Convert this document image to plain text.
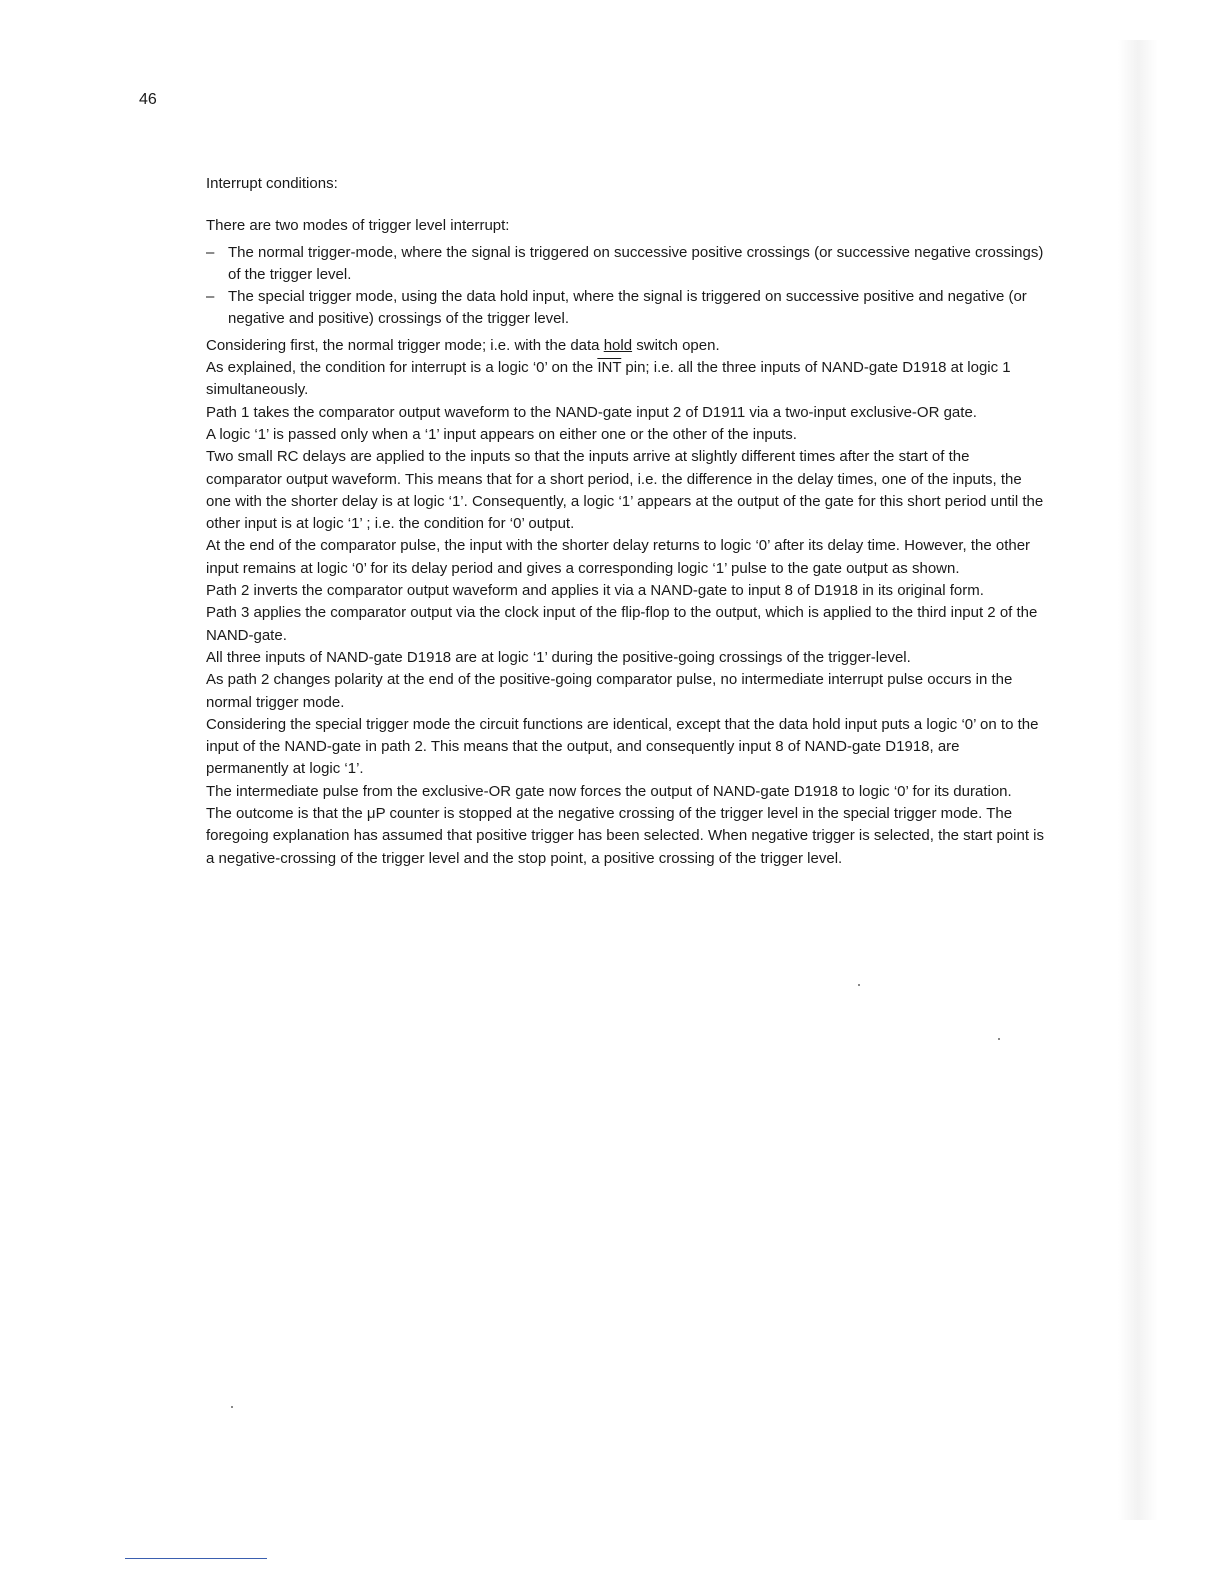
46

Interrupt conditions:

There are two modes of trigger level interrupt:

– The normal trigger-mode, where the signal is triggered on successive positive crossings (or successive negative crossings) of the trigger level.
– The special trigger mode, using the data hold input, where the signal is triggered on successive positive and negative (or negative and positive) crossings of the trigger level.

Considering first, the normal trigger mode; i.e. with the data hold switch open.

As explained, the condition for interrupt is a logic ‘0’ on the $\overline{INT}$ pin; i.e. all the three inputs of NAND-gate D1918 at logic 1 simultaneously.

Path 1 takes the comparator output waveform to the NAND-gate input 2 of D1911 via a two-input exclusive-OR gate.

A logic ‘1’ is passed only when a ‘1’ input appears on either one or the other of the inputs.

Two small RC delays are applied to the inputs so that the inputs arrive at slightly different times after the start of the comparator output waveform. This means that for a short period, i.e. the difference in the delay times, one of the inputs, the one with the shorter delay is at logic ‘1’. Consequently, a logic ‘1’ appears at the output of the gate for this short period until the other input is at logic ‘1’ ; i.e. the condition for ‘0’ output.

At the end of the comparator pulse, the input with the shorter delay returns to logic ‘0’ after its delay time. However, the other input remains at logic ‘0’ for its delay period and gives a corresponding logic ‘1’ pulse to the gate output as shown.

Path 2 inverts the comparator output waveform and applies it via a NAND-gate to input 8 of D1918 in its original form.

Path 3 applies the comparator output via the clock input of the flip-flop to the output, which is applied to the third input 2 of the NAND-gate.

All three inputs of NAND-gate D1918 are at logic ‘1’ during the positive-going crossings of the trigger-level.

As path 2 changes polarity at the end of the positive-going comparator pulse, no intermediate interrupt pulse occurs in the normal trigger mode.

Considering the special trigger mode the circuit functions are identical, except that the data hold input puts a logic ‘0’ on to the input of the NAND-gate in path 2. This means that the output, and consequently input 8 of NAND-gate D1918, are permanently at logic ‘1’.

The intermediate pulse from the exclusive-OR gate now forces the output of NAND-gate D1918 to logic ‘0’ for its duration.

The outcome is that the μP counter is stopped at the negative crossing of the trigger level in the special trigger mode. The foregoing explanation has assumed that positive trigger has been selected. When negative trigger is selected, the start point is a negative-crossing of the trigger level and the stop point, a positive crossing of the trigger level.
